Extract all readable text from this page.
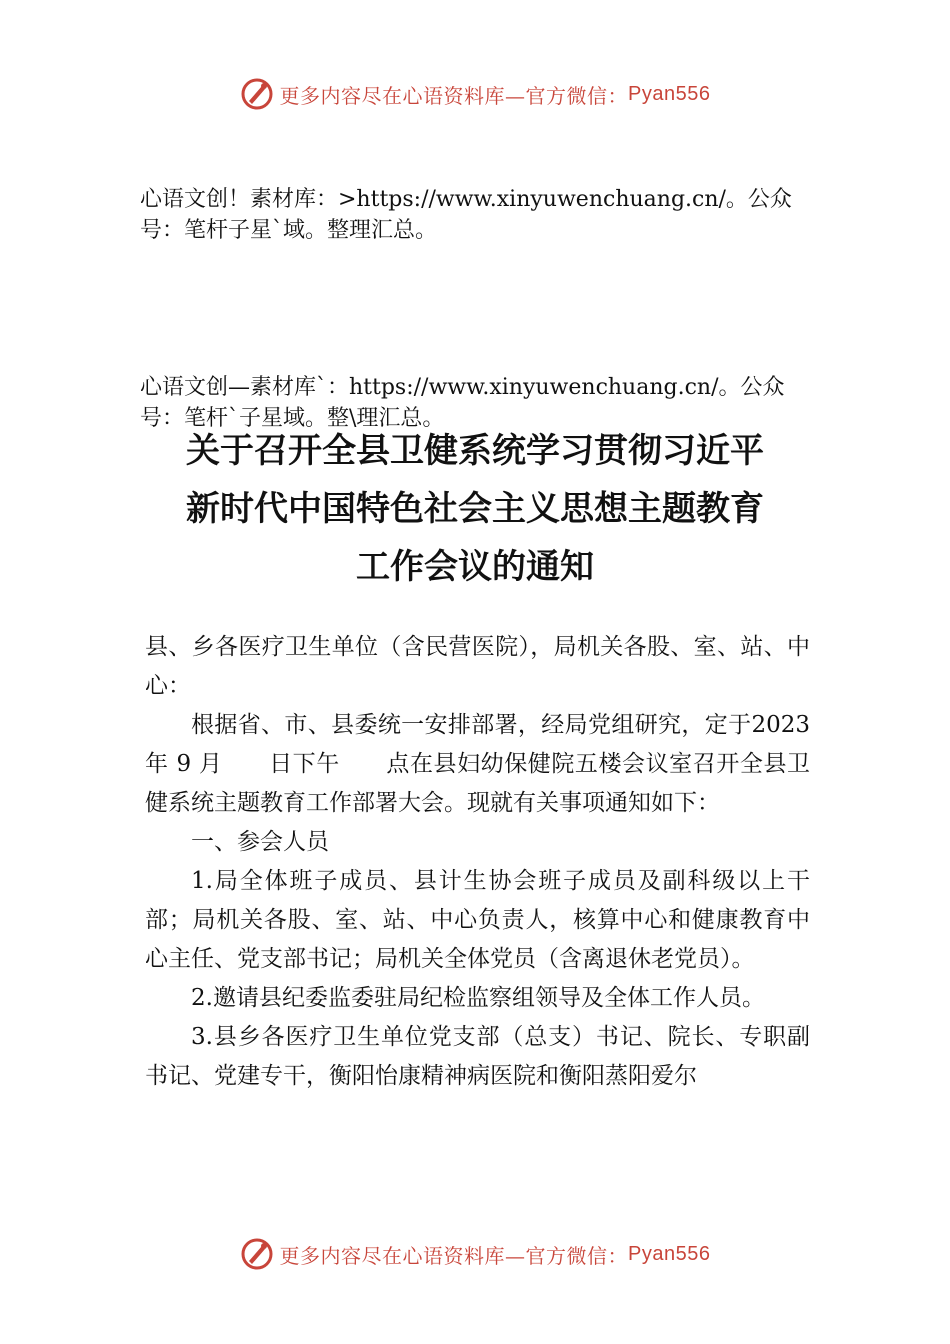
更多内容尽在心语资料库—官方微信： Pyan556

心语文创！素材库：>https://www.xinyuwenchuang.cn/。公众号：笔杆子星`域。整理汇总。

心语文创—素材库`：https://www.xinyuwenchuang.cn/。公众号：笔杆`子星域。整\理汇总。

关于召开全县卫健系统学习贯彻习近平
新时代中国特色社会主义思想主题教育
工作会议的通知

县、乡各医疗卫生单位（含民营医院），局机关各股、室、站、中心：

根据省、市、县委统一安排部署，经局党组研究，定于2023 年 9 月 日下午 点在县妇幼保健院五楼会议室召开全县卫健系统主题教育工作部署大会。现就有关事项通知如下：

一、参会人员

1.局全体班子成员、县计生协会班子成员及副科级以上干部；局机关各股、室、站、中心负责人，核算中心和健康教育中心主任、党支部书记；局机关全体党员（含离退休老党员）。

2.邀请县纪委监委驻局纪检监察组领导及全体工作人员。

3.县乡各医疗卫生单位党支部（总支）书记、院长、专职副书记、党建专干，衡阳怡康精神病医院和衡阳蒸阳爱尔

更多内容尽在心语资料库—官方微信： Pyan556
